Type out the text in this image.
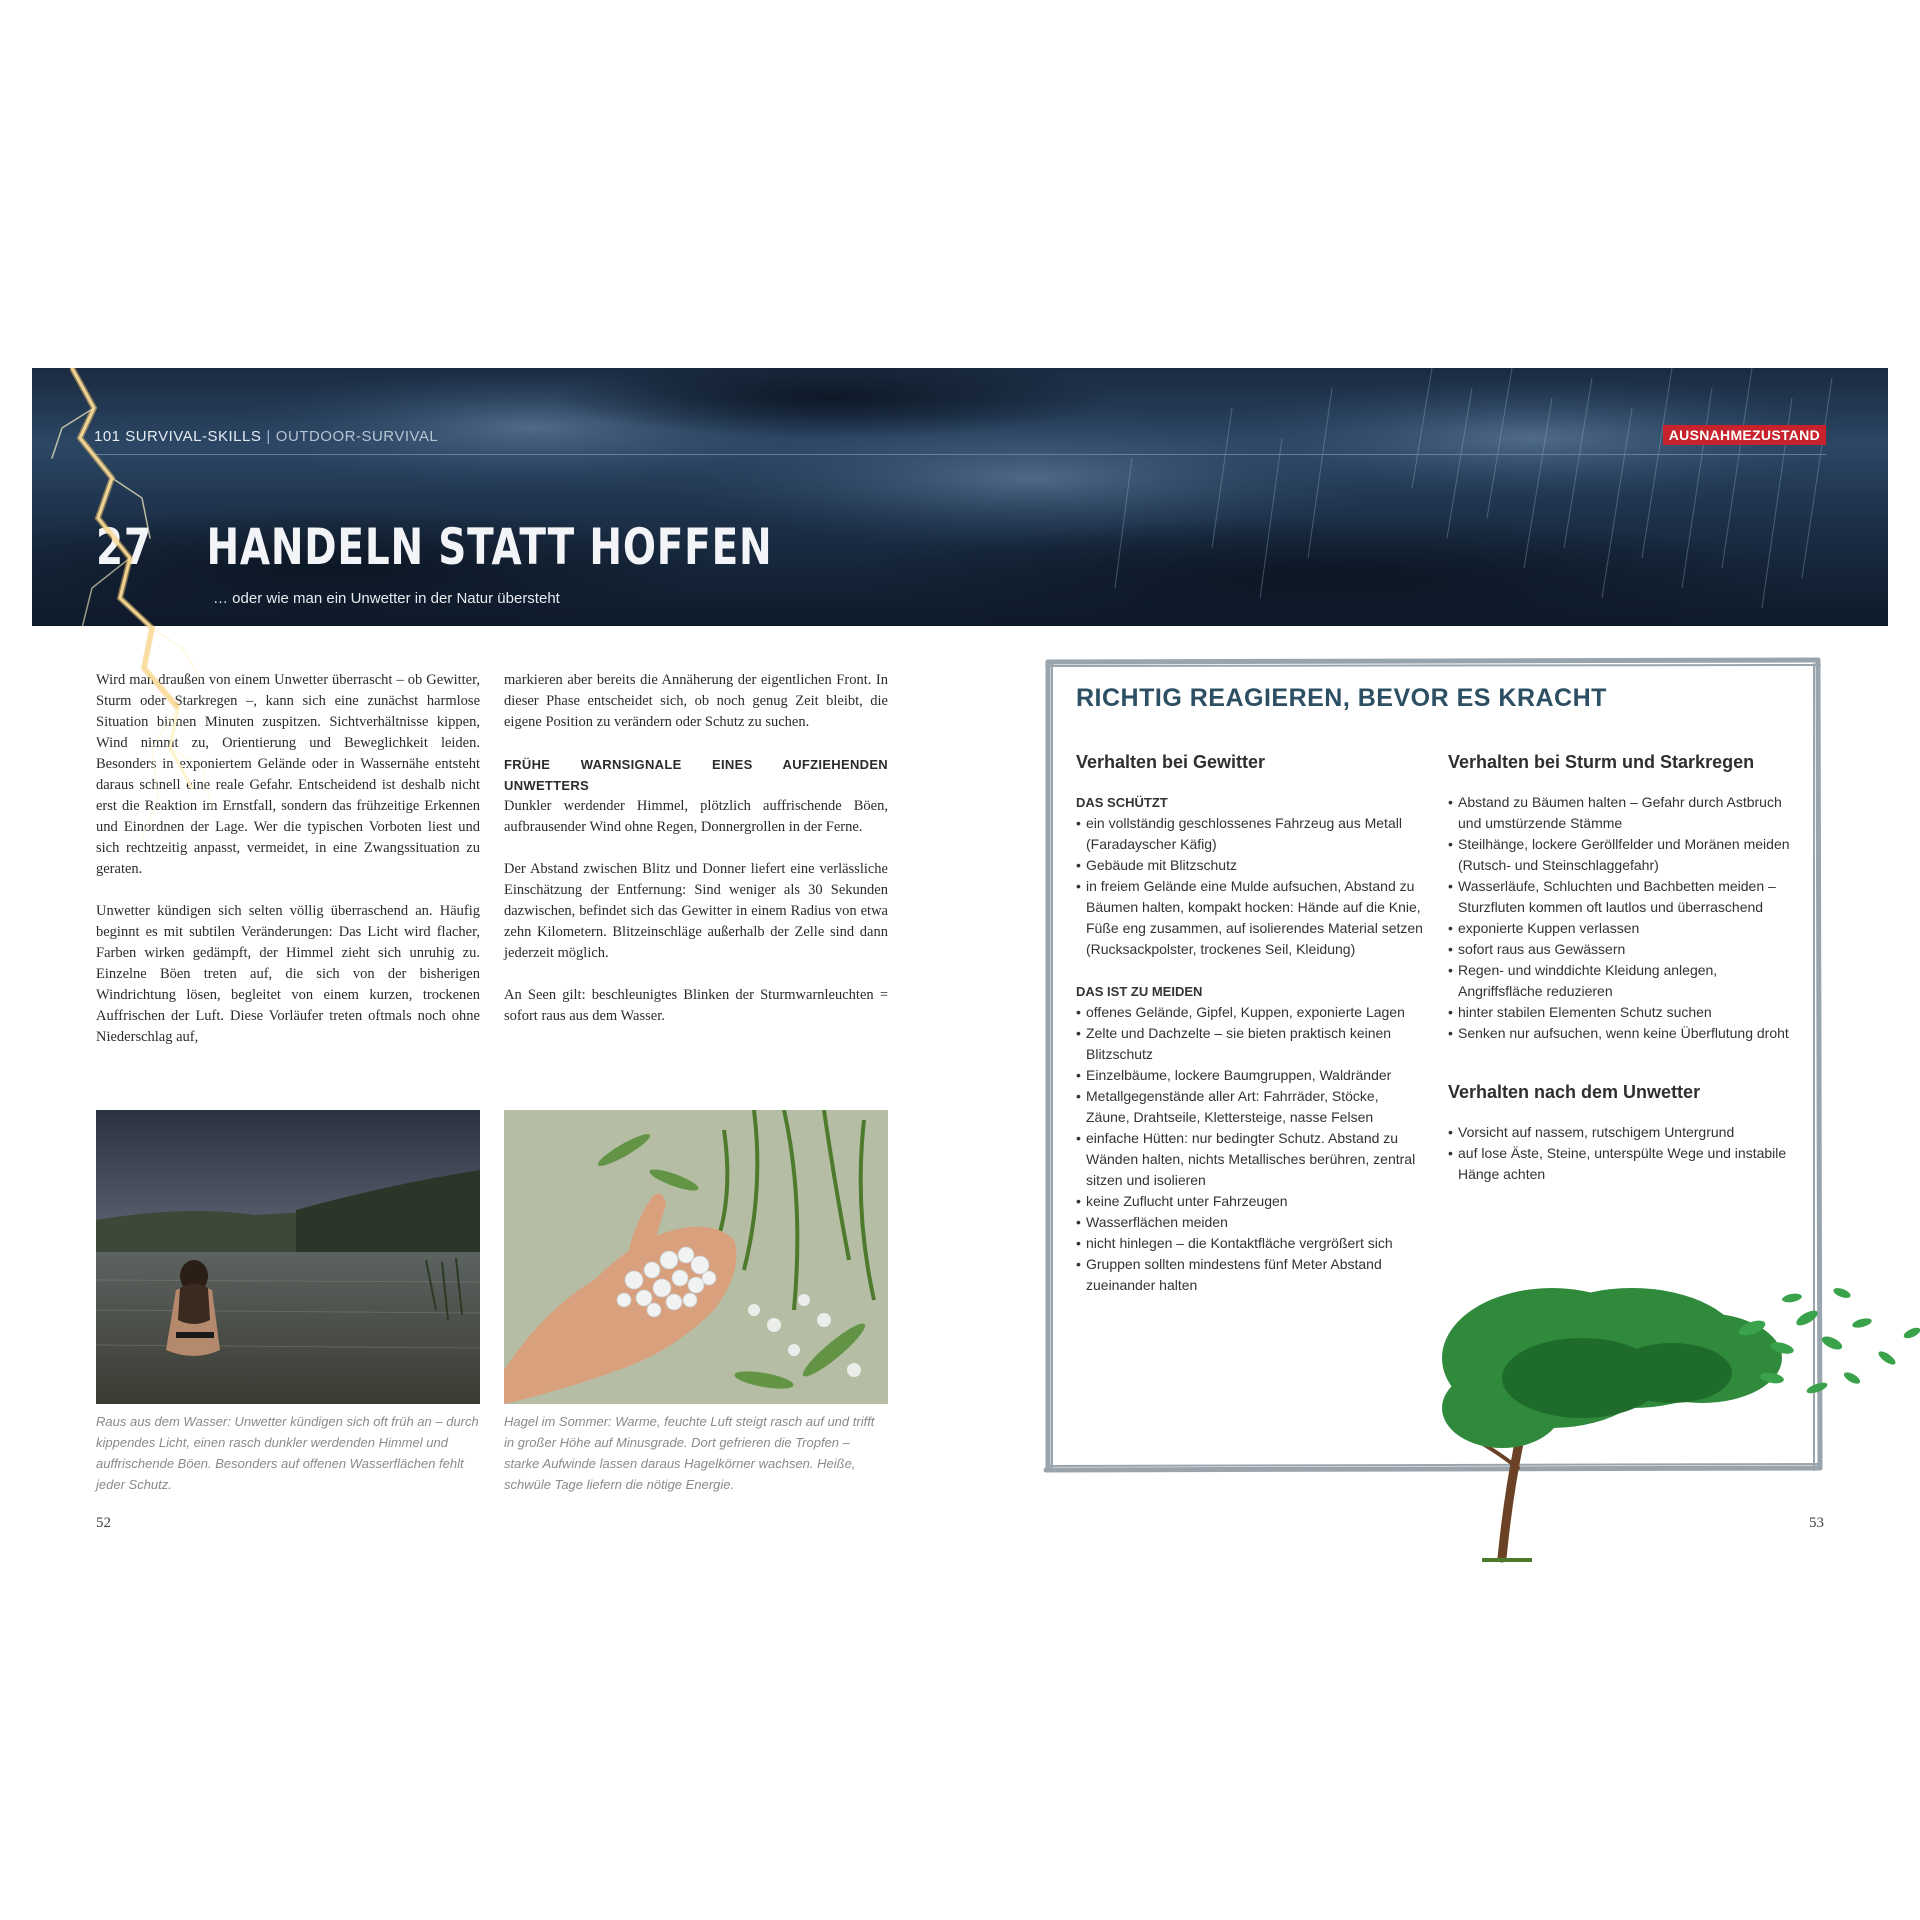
101 SURVIVAL-SKILLS | OUTDOOR-SURVIVAL	AUSNAHMEZUSTAND
27 HANDELN STATT HOFFEN
… oder wie man ein Unwetter in der Natur übersteht

Wird man draußen von einem Unwetter überrascht – ob Gewitter, Sturm oder Starkregen –, kann sich eine zunächst harmlose Situation binnen Minuten zuspitzen. Sichtverhältnisse kippen, Wind nimmt zu, Orientierung und Beweglichkeit leiden. Besonders in exponiertem Gelände oder in Wassernähe entsteht daraus schnell eine reale Gefahr. Entscheidend ist deshalb nicht erst die Reaktion im Ernstfall, sondern das frühzeitige Erkennen und Einordnen der Lage. Wer die typischen Vorboten liest und sich rechtzeitig anpasst, vermeidet, in eine Zwangssituation zu geraten.

Unwetter kündigen sich selten völlig überraschend an. Häufig beginnt es mit subtilen Veränderungen: Das Licht wird flacher, Farben wirken gedämpft, der Himmel zieht sich unruhig zu. Einzelne Böen treten auf, die sich von der bisherigen Windrichtung lösen, begleitet von einem kurzen, trockenen Auffrischen der Luft. Diese Vorläufer treten oftmals noch ohne Niederschlag auf,

markieren aber bereits die Annäherung der eigentlichen Front. In dieser Phase entscheidet sich, ob noch genug Zeit bleibt, die eigene Position zu verändern oder Schutz zu suchen.

FRÜHE WARNSIGNALE EINES AUFZIEHENDEN UNWETTERS

Dunkler werdender Himmel, plötzlich auffrischende Böen, aufbrausender Wind ohne Regen, Donnergrollen in der Ferne.

Der Abstand zwischen Blitz und Donner liefert eine verlässliche Einschätzung der Entfernung: Sind weniger als 30 Sekunden dazwischen, befindet sich das Gewitter in einem Radius von etwa zehn Kilometern. Blitzeinschläge außerhalb der Zelle sind dann jederzeit möglich.

An Seen gilt: beschleunigtes Blinken der Sturmwarnleuchten = sofort raus aus dem Wasser.

Raus aus dem Wasser: Unwetter kündigen sich oft früh an – durch kippendes Licht, einen rasch dunkler werdenden Himmel und auffrischende Böen. Besonders auf offenen Wasserflächen fehlt jeder Schutz.
Hagel im Sommer: Warme, feuchte Luft steigt rasch auf und trifft in großer Höhe auf Minusgrade. Dort gefrieren die Tropfen – starke Aufwinde lassen daraus Hagelkörner wachsen. Heiße, schwüle Tage liefern die nötige Energie.
52
RICHTIG REAGIEREN, BEVOR ES KRACHT
Verhalten bei Gewitter
DAS SCHÜTZT
• ein vollständig geschlossenes Fahrzeug aus Metall (Faradayscher Käfig)
• Gebäude mit Blitzschutz
• in freiem Gelände eine Mulde aufsuchen, Abstand zu Bäumen halten, kompakt hocken: Hände auf die Knie, Füße eng zusammen, auf isolierendes Material setzen (Rucksackpolster, trockenes Seil, Kleidung)
DAS IST ZU MEIDEN
• offenes Gelände, Gipfel, Kuppen, exponierte Lagen
• Zelte und Dachzelte – sie bieten praktisch keinen Blitzschutz
• Einzelbäume, lockere Baumgruppen, Waldränder
• Metallgegenstände aller Art: Fahrräder, Stöcke, Zäune, Drahtseile, Klettersteige, nasse Felsen
• einfache Hütten: nur bedingter Schutz. Abstand zu Wänden halten, nichts Metallisches berühren, zentral sitzen und isolieren
• keine Zuflucht unter Fahrzeugen
• Wasserflächen meiden
• nicht hinlegen – die Kontaktfläche vergrößert sich
• Gruppen sollten mindestens fünf Meter Abstand zueinander halten
Verhalten bei Sturm und Starkregen
• Abstand zu Bäumen halten – Gefahr durch Astbruch und umstürzende Stämme
• Steilhänge, lockere Geröllfelder und Moränen meiden (Rutsch- und Steinschlaggefahr)
• Wasserläufe, Schluchten und Bachbetten meiden – Sturzfluten kommen oft lautlos und überraschend
• exponierte Kuppen verlassen
• sofort raus aus Gewässern
• Regen- und winddichte Kleidung anlegen, Angriffsfläche reduzieren
• hinter stabilen Elementen Schutz suchen
• Senken nur aufsuchen, wenn keine Überflutung droht
Verhalten nach dem Unwetter
• Vorsicht auf nassem, rutschigem Untergrund
• auf lose Äste, Steine, unterspülte Wege und instabile Hänge achten
53
